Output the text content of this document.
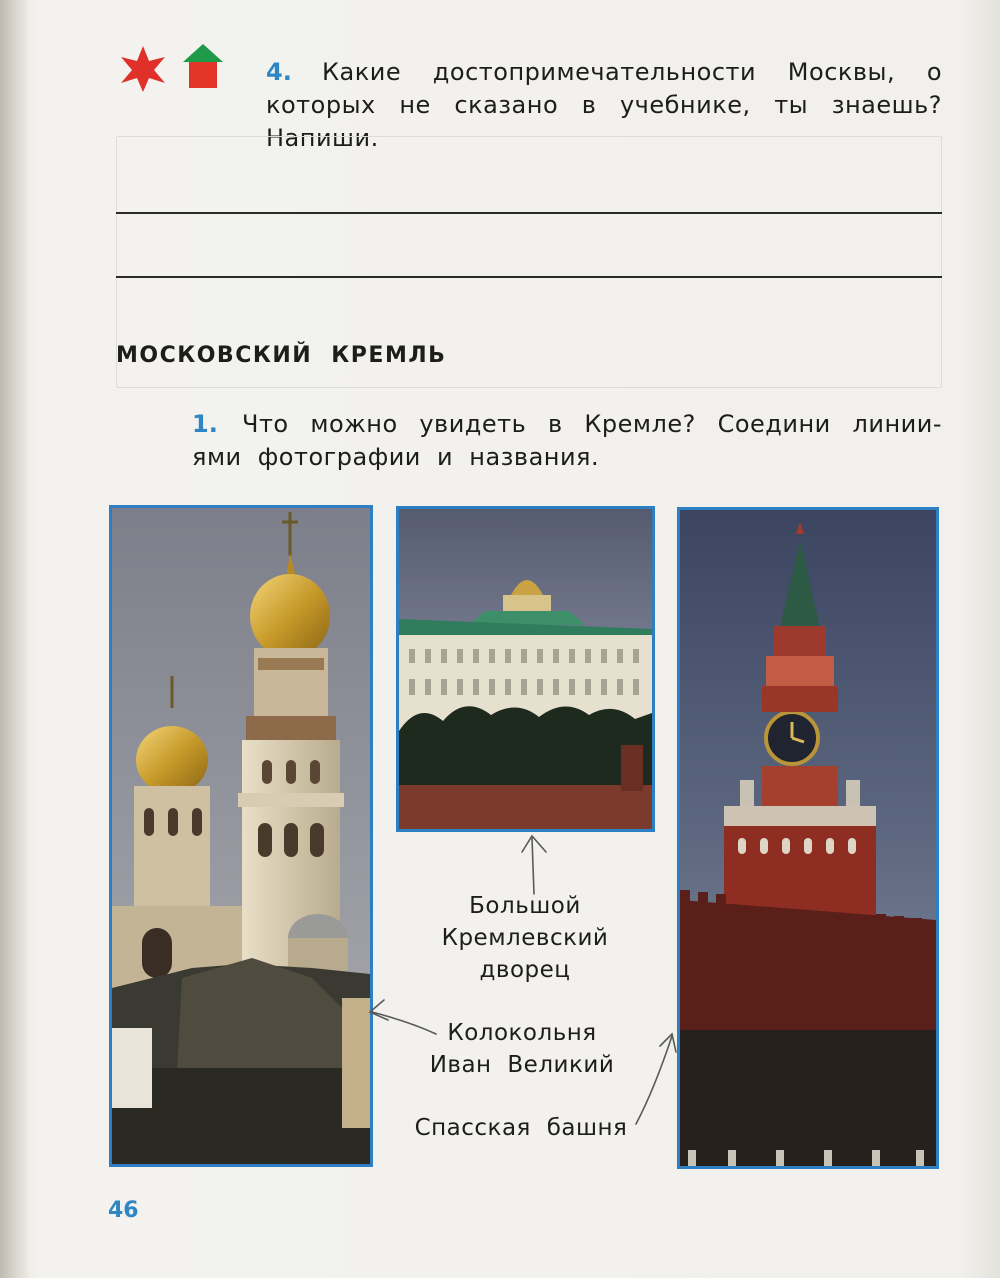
4. Какие достопримечательности Москвы, о
которых не сказано в учебнике, ты знаешь?
Напиши.
МОСКОВСКИЙ КРЕМЛЬ
1. Что можно увидеть в Кремле? Соедини линии-
ями фотографии и названия.
Большой
Кремлевский
дворец
Колокольня
Иван Великий
Спасская башня
46
